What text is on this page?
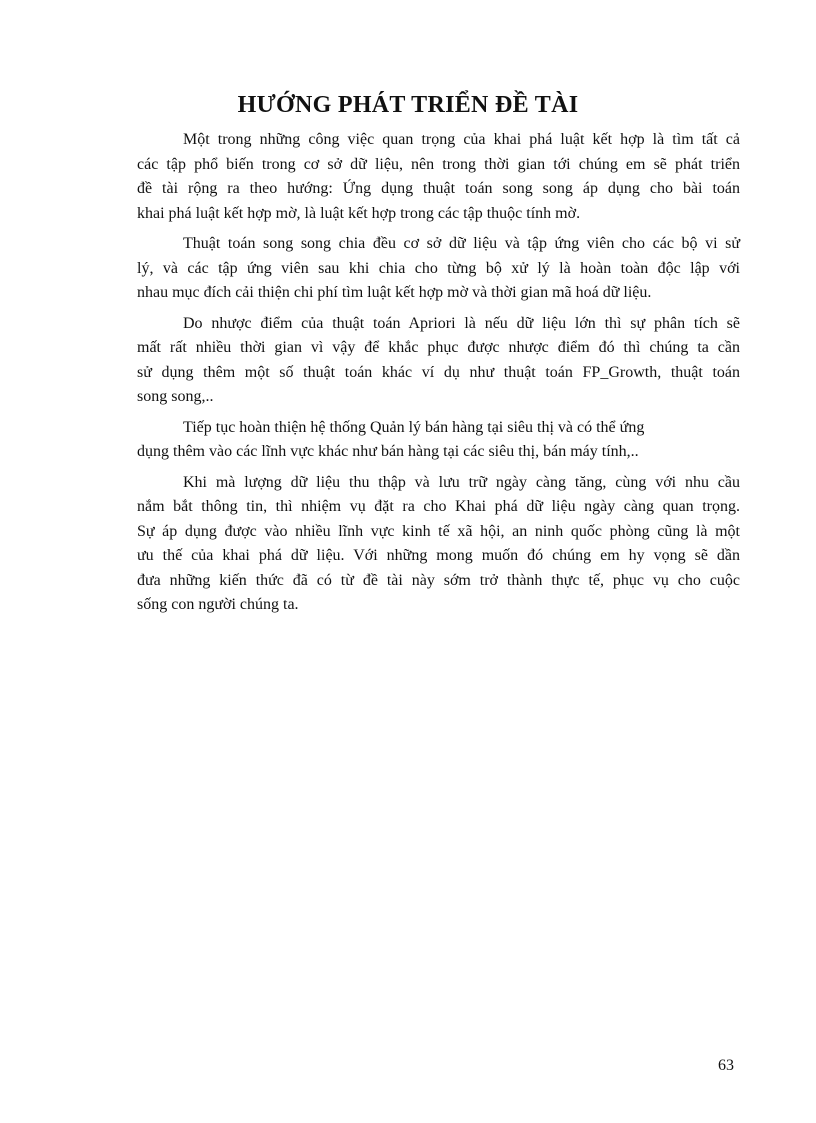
HƯỚNG PHÁT TRIỂN ĐỀ TÀI

Một trong những công việc quan trọng của khai phá luật kết hợp là tìm tất cả
các tập phổ biến trong cơ sở dữ liệu, nên trong thời gian tới chúng em sẽ phát triển
đề tài rộng ra theo hướng: Ứng dụng thuật toán song song áp dụng cho bài toán
khai phá luật kết hợp mờ, là luật kết hợp trong các tập thuộc tính mờ.

Thuật toán song song chia đều cơ sở dữ liệu và tập ứng viên cho các bộ vi sử
lý, và các tập ứng viên sau khi chia cho từng bộ xử lý là hoàn toàn độc lập với
nhau mục đích cải thiện chi phí tìm luật kết hợp mờ và thời gian mã hoá dữ liệu.

Do nhược điểm của thuật toán Apriori là nếu dữ liệu lớn thì sự phân tích sẽ
mất rất nhiều thời gian vì vậy để khắc phục được nhược điểm đó thì chúng ta cần
sử dụng thêm một số thuật toán khác ví dụ như thuật toán FP_Growth, thuật toán
song song,..

Tiếp tục hoàn thiện hệ thống Quản lý bán hàng tại siêu thị và có thể ứng
dụng thêm vào các lĩnh vực khác như bán hàng tại các siêu thị, bán máy tính,..

Khi mà lượng dữ liệu thu thập và lưu trữ ngày càng tăng, cùng với nhu cầu
nắm bắt thông tin, thì nhiệm vụ đặt ra cho Khai phá dữ liệu ngày càng quan trọng.
Sự áp dụng được vào nhiều lĩnh vực kinh tế xã hội, an ninh quốc phòng cũng là một
ưu thế của khai phá dữ liệu. Với những mong muốn đó chúng em hy vọng sẽ dần
đưa những kiến thức đã có từ đề tài này sớm trở thành thực tế, phục vụ cho cuộc
sống con người chúng ta.

63
